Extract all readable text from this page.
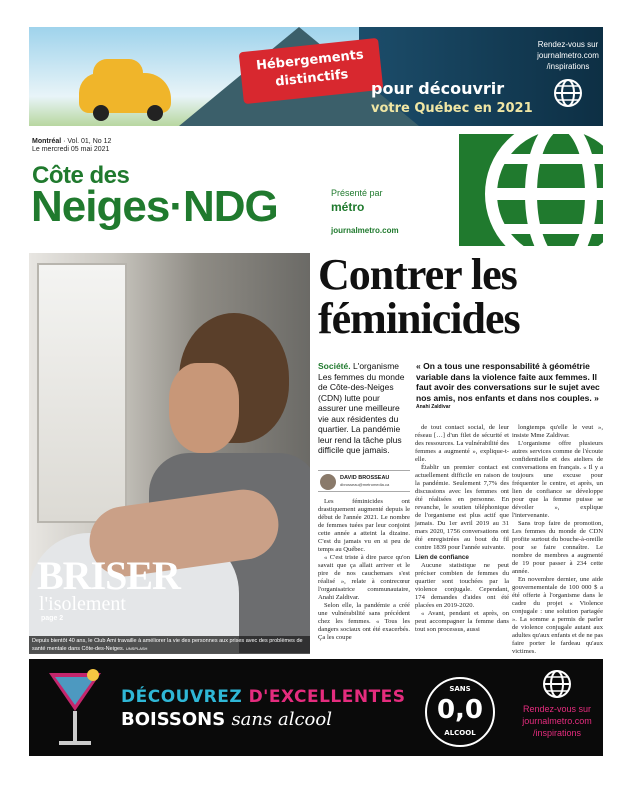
Hébergements distinctifs	pour découvrir
votre Québec en 2021
Rendez-vous sur
journalmetro.com
/inspirations
Montréal · Vol. 01, No 12
Le mercredi 05 mai 2021
Côte des
Neiges·NDG	Présenté par
métro
journalmetro.com
BRISER
l'isolement
page 2
Depuis bientôt 40 ans, le Club Ami travaille à améliorer la vie des personnes aux prises avec des problèmes de santé mentale dans Côte-des-Neiges. UNSPLASH
Contrer les féminicides
Société. L'organisme Les femmes du monde de Côte-des-Neiges (CDN) lutte pour assurer une meilleure vie aux résidentes du quartier. La pandémie leur rend la tâche plus difficile que jamais.
« On a tous une responsabilité à géométrie variable dans la violence faite aux femmes. Il faut avoir des conversations sur le sujet avec nos amis, nos enfants et dans nos couples. »
Anahi Zaldivar
DAVID BROSSEAU
dbrosseau@metromedia.ca

Les féminicides ont drastiquement augmenté depuis le début de l'année 2021. Le nombre de femmes tuées par leur conjoint cette année a atteint la dizaine. C'est du jamais vu en si peu de temps au Québec.

« C'est triste à dire parce qu'on savait que ça allait arriver et le pire de nos cauchemars s'est réalisé », relate à contrecœur l'organisatrice communautaire, Anahi Zaldivar.

Selon elle, la pandémie a créé une vulnérabilité sans précédent chez les femmes. « Tous les dangers sociaux ont été exacerbés. Ça les coupe

de tout contact social, de leur réseau […] d'un filet de sécurité et des ressources. La vulnérabilité des femmes a augmenté », explique-t-elle.

Établir un premier contact est actuellement difficile en raison de la pandémie. Seulement 7,7% des discussions avec les femmes ont été réalisées en personne. En revanche, le soutien téléphonique de l'organisme est plus actif que jamais. Du 1er avril 2019 au 31 mars 2020, 1756 conversations ont été enregistrées au bout du fil contre 1839 pour l'année suivante.

Lien de confiance

Aucune statistique ne peut préciser combien de femmes du quartier sont touchées par la violence conjugale. Cependant, 174 demandes d'aides ont été placées en 2019-2020.

« Avant, pendant et après, on peut accompagner la femme dans tout son processus, aussi

longtemps qu'elle le veut », insiste Mme Zaldivar.

L'organisme offre plusieurs autres services comme de l'écoute confidentielle et des ateliers de conversations en français. « Il y a toujours une excuse pour fréquenter le centre, et après, un lien de confiance se développe pour que la femme puisse se dévoiler », explique l'intervenante.

Sans trop faire de promotion, Les femmes du monde de CDN profite surtout du bouche-à-oreille pour se faire connaître. Le nombre de membres a augmenté de 19 pour passer à 234 cette année.

En novembre dernier, une aide gouvernementale de 100 000 $ a été offerte à l'organisme dans le cadre du projet « Violence conjugale : une solution partagée ». La somme a permis de parler de violence conjugale autant aux adultes qu'aux enfants et de ne pas faire porter le fardeau qu'aux victimes.

DÉCOUVREZ D'EXCELLENTES
BOISSONS sans alcool
SANS
0,0
ALCOOL
Rendez-vous sur
journalmetro.com
/inspirations
